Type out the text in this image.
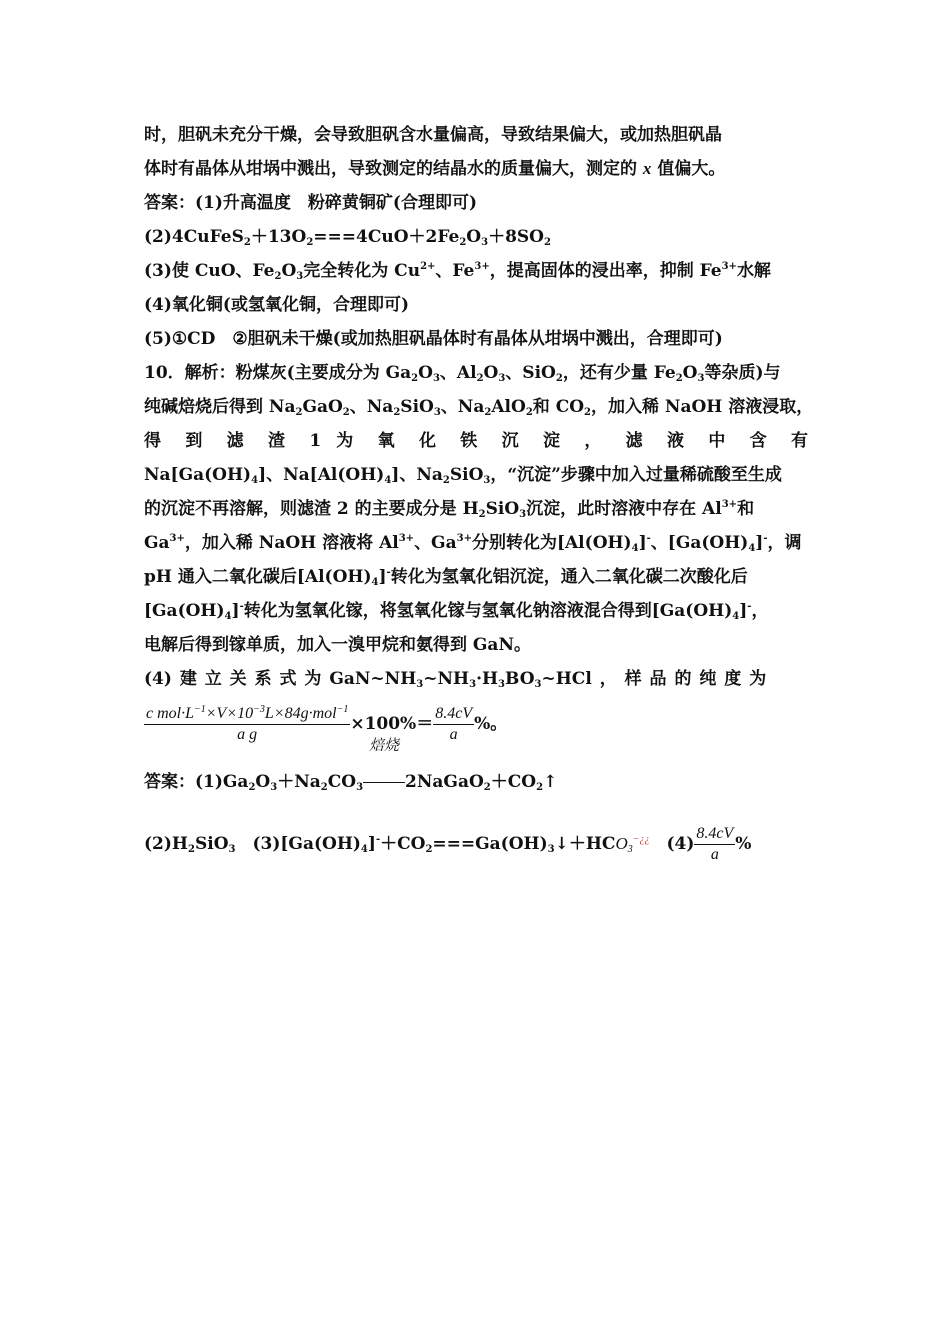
时，胆矾未充分干燥，会导致胆矾含水量偏高，导致结果偏大，或加热胆矾晶
体时有晶体从坩埚中溅出，导致测定的结晶水的质量偏大，测定的 x 值偏大。
答案：(1)升高温度　粉碎黄铜矿(合理即可)
$(2)4CuFeS_2+13O_2===4CuO+2Fe_2O_3+8SO_2$
(3)使 CuO、$Fe_2O_3$完全转化为 $Cu^{2+}$、$Fe^{3+}$，提高固体的浸出率，抑制 $Fe^{3+}$水解
(4)氧化铜(或氢氧化铜，合理即可)
(5)①CD　②胆矾未干燥(或加热胆矾晶体时有晶体从坩埚中溅出，合理即可)
10．解析：粉煤灰(主要成分为 $Ga_2O_3$、$Al_2O_3$、SiO$_2$，还有少量 $Fe_2O_3$等杂质)与
纯碱焙烧后得到 $Na_2GaO_2$、$Na_2SiO_3$、$Na_2AlO_2$和 $CO_2$，加入稀 NaOH 溶液浸取，
得 到 滤 渣 1 为 氧 化 铁 沉 淀 ， 滤 液 中 含 有
$Na[Ga(OH)_4]$、$Na[Al(OH)_4]$、$Na_2SiO_3$，“沉淀”步骤中加入过量稀硫酸至生成
的沉淀不再溶解，则滤渣 2 的主要成分是 $H_2SiO_3$沉淀，此时溶液中存在 $Al^{3+}$和
$Ga^{3+}$，加入稀 NaOH 溶液将 $Al^{3+}$、$Ga^{3+}$分别转化为$[Al(OH)_4]^-$、$[Ga(OH)_4]^-$，调
pH 通入二氧化碳后$[Al(OH)_4]^-$转化为氢氧化铝沉淀，通入二氧化碳二次酸化后
$[Ga(OH)_4]^-$转化为氢氧化镓，将氢氧化镓与氢氧化钠溶液混合得到$[Ga(OH)_4]^-$，
电解后得到镓单质，加入一溴甲烷和氨得到 GaN。
(4) 建 立 关 系 式 为 $GaN\sim NH_3\sim NH_3\cdot H_3BO_3\sim HCl$ ， 样 品 的 纯 度 为
$\frac{c mol\cdot L^{-1}\times V\times 10^{-3}L\times 84g\cdot mol^{-1}}{\text{a g}} \times 100\%= \frac{8.4cV}{a}$ %。
答案：$(1)Ga_2O_3+Na_2CO_3$
焙烧
$2NaGaO_2+CO_2↑$
$(2)H_2SiO_3$　$(3)[Ga(OH)_4]^-+CO_2===Ga(OH)_3↓+HCO_3^{-¿¿}$　$(4) \frac{8.4cV}{a}$ %
